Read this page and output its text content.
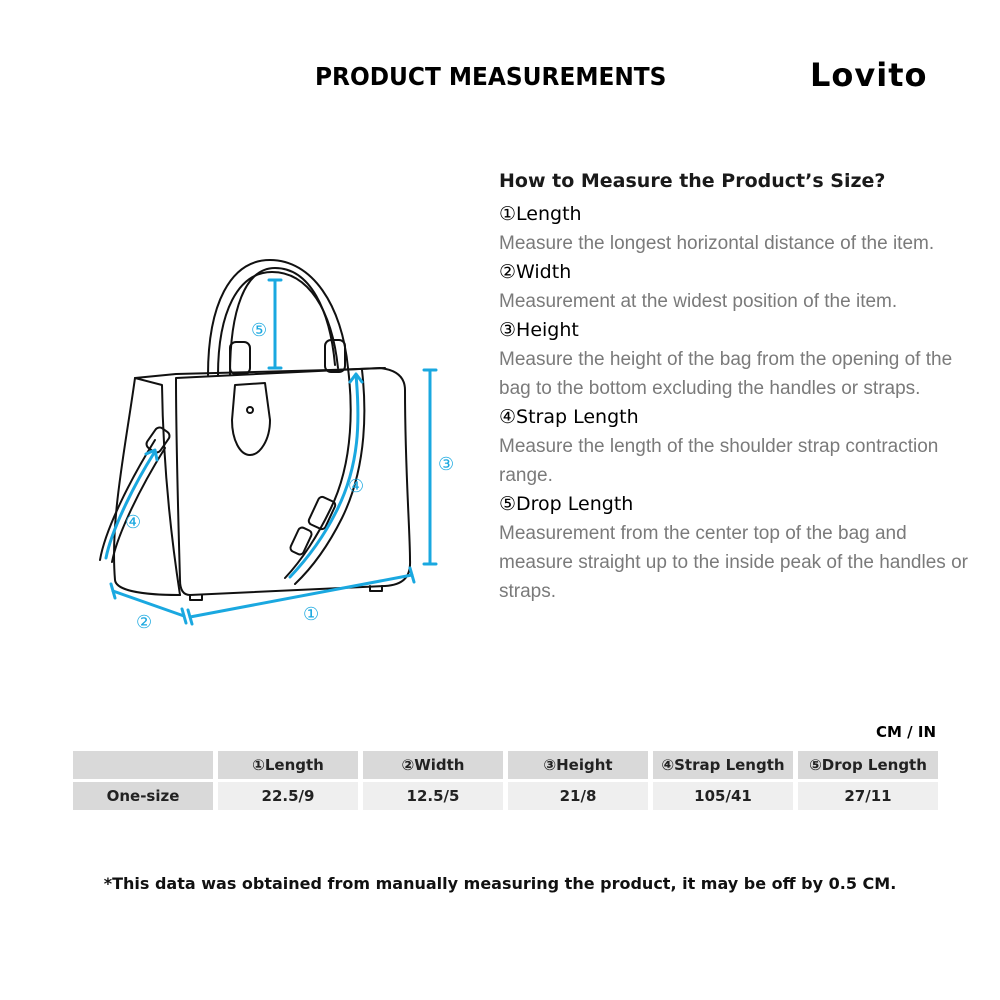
PRODUCT MEASUREMENTS	Lovito
⑤
③
④
④
①
②
How to Measure the Product’s Size?

①Length

Measure the longest horizontal distance of the item.

②Width

Measurement at the widest position of the item.

③Height

Measure the height of the bag from the opening of the bag to the bottom excluding the handles or straps.

④Strap Length

Measure the length of the shoulder strap contraction range.

⑤Drop Length

Measurement from the center top of the bag and measure straight up to the inside peak of the handles or straps.

CM / IN
	①Length	②Width	③Height	④Strap Length	⑤Drop Length
One-size	22.5/9	12.5/5	21/8	105/41	27/11
*This data was obtained from manually measuring the product, it may be off by 0.5 CM.
